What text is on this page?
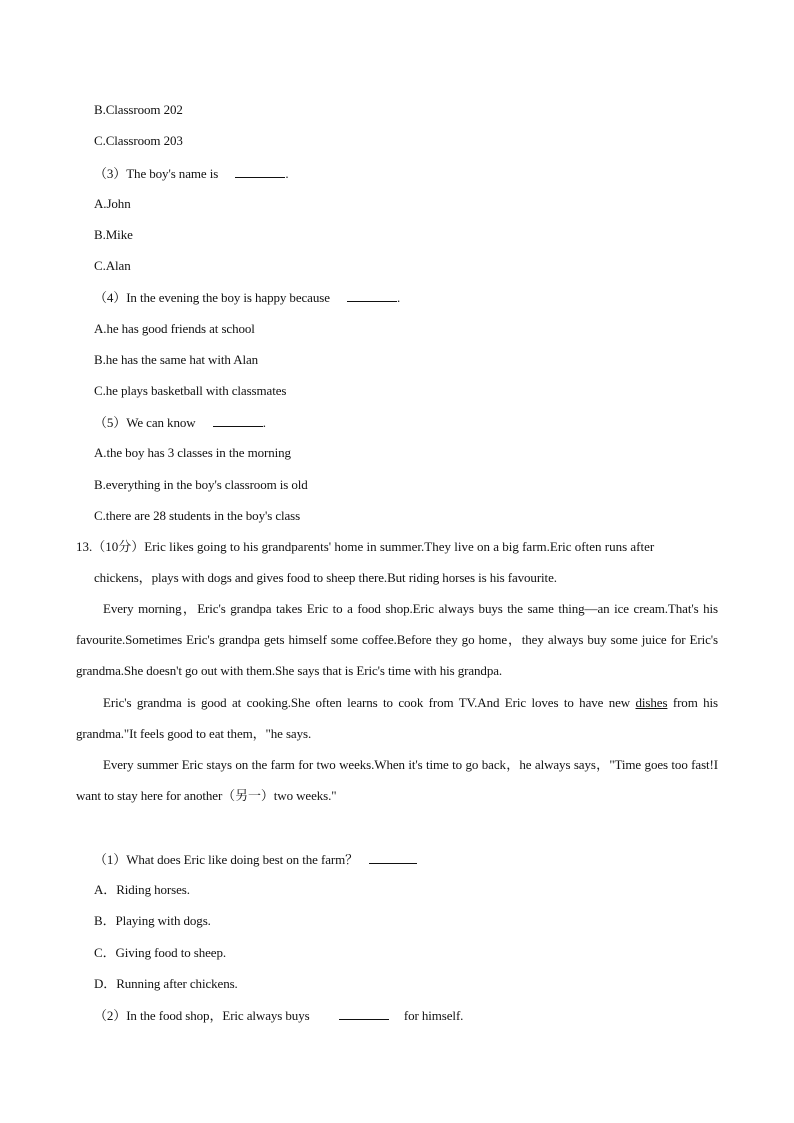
B.Classroom 202
C.Classroom 203
（3）The boy's name is	.
A.John
B.Mike
C.Alan
（4）In the evening the boy is happy because	.
A.he has good friends at school
B.he has the same hat with Alan
C.he plays basketball with classmates
（5）We can know	.
A.the boy has 3 classes in the morning
B.everything in the boy's classroom is old
C.there are 28 students in the boy's class
13.（10分）Eric likes going to his grandparents' home in summer.They live on a big farm.Eric often runs after
chickens，plays with dogs and gives food to sheep there.But riding horses is his favourite.
Every morning，Eric's grandpa takes Eric to a food shop.Eric always buys the same thing—an ice cream.That's his favourite.Sometimes Eric's grandpa gets himself some coffee.Before they go home，they always buy some juice for Eric's grandma.She doesn't go out with them.She says that is Eric's time with his grandpa.
Eric's grandma is good at cooking.She often learns to cook from TV.And Eric loves to have new dishes from his grandma."It feels good to eat them，"he says.
Every summer Eric stays on the farm for two weeks.When it's time to go back，he always says，"Time goes too fast!I want to stay here for another（另一）two weeks."
（1）What does Eric like doing best on the farm？
A．Riding horses.
B．Playing with dogs.
C．Giving food to sheep.
D．Running after chickens.
（2）In the food shop，Eric always buys	for himself.
